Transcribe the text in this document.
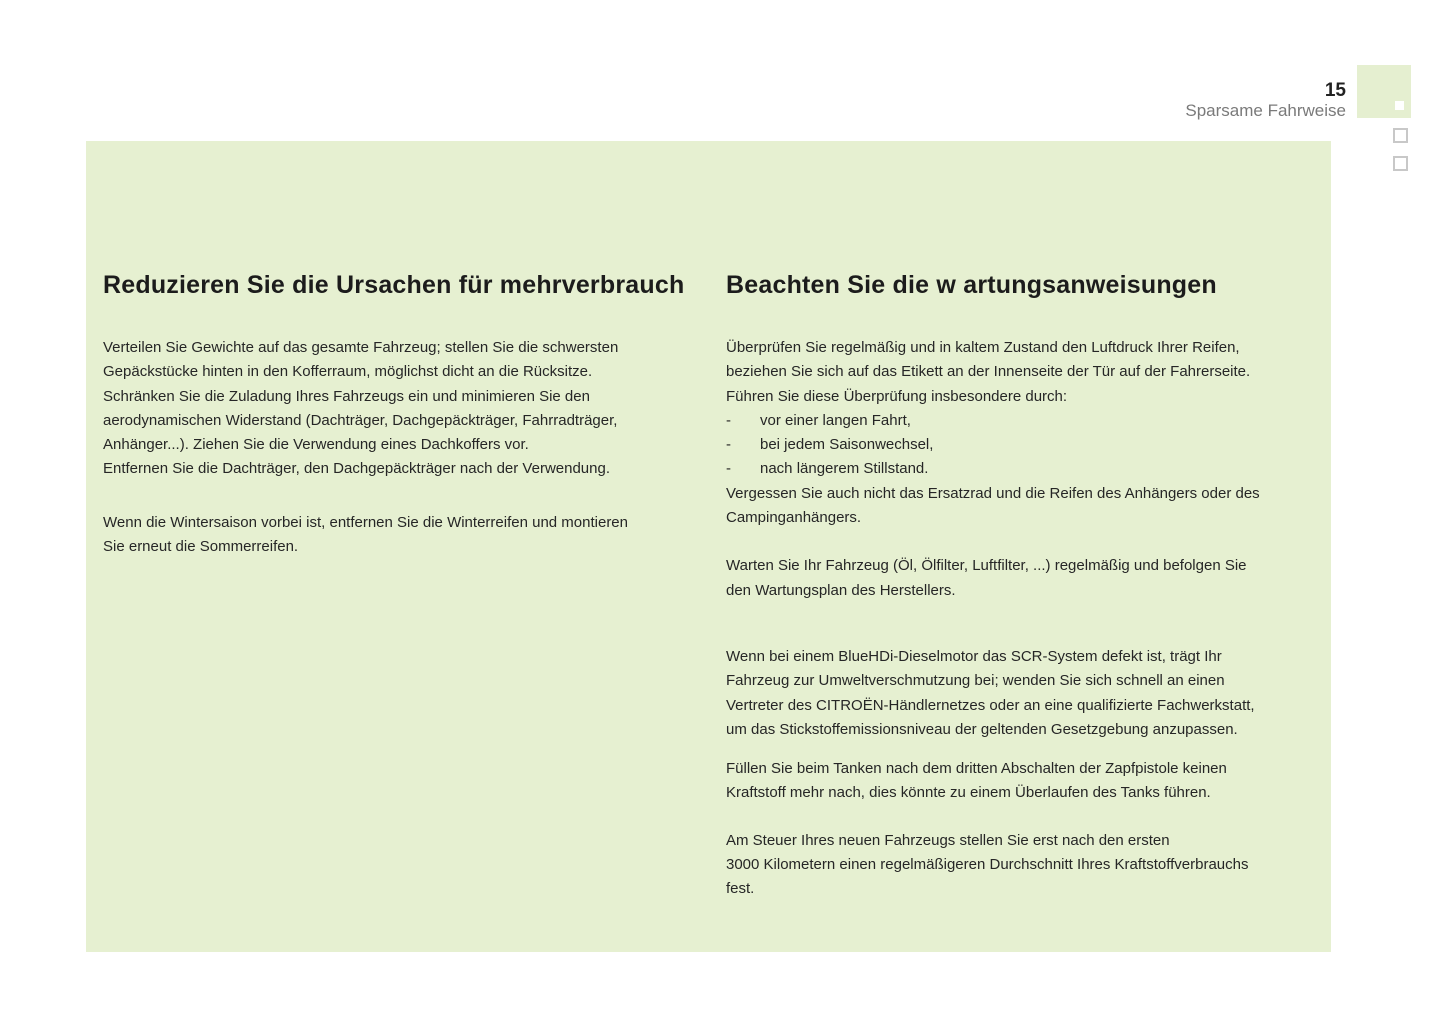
15
Sparsame Fahrweise
Reduzieren Sie die Ursachen für mehrverbrauch

Verteilen Sie Gewichte auf das gesamte Fahrzeug; stellen Sie die schwersten
Gepäckstücke hinten in den Kofferraum, möglichst dicht an die Rücksitze.
Schränken Sie die Zuladung Ihres Fahrzeugs ein und minimieren Sie den
aerodynamischen Widerstand (Dachträger, Dachgepäckträger, Fahrradträger,
Anhänger...). Ziehen Sie die Verwendung eines Dachkoffers vor.
Entfernen Sie die Dachträger, den Dachgepäckträger nach der Verwendung.

Wenn die Wintersaison vorbei ist, entfernen Sie die Winterreifen und montieren
Sie erneut die Sommerreifen.

Beachten Sie die w artungsanweisungen

Überprüfen Sie regelmäßig und in kaltem Zustand den Luftdruck Ihrer Reifen,
beziehen Sie sich auf das Etikett an der Innenseite der Tür auf der Fahrerseite.
Führen Sie diese Überprüfung insbesondere durch:

-	vor einer langen Fahrt,
-	bei jedem Saisonwechsel,
-	nach längerem Stillstand.

Vergessen Sie auch nicht das Ersatzrad und die Reifen des Anhängers oder des
Campinganhängers.

Warten Sie Ihr Fahrzeug (Öl, Ölfilter, Luftfilter, ...) regelmäßig und befolgen Sie
den Wartungsplan des Herstellers.

Wenn bei einem BlueHDi-Dieselmotor das SCR-System defekt ist, trägt Ihr
Fahrzeug zur Umweltverschmutzung bei; wenden Sie sich schnell an einen
Vertreter des CITROËN-Händlernetzes oder an eine qualifizierte Fachwerkstatt,
um das Stickstoffemissionsniveau der geltenden Gesetzgebung anzupassen.

Füllen Sie beim Tanken nach dem dritten Abschalten der Zapfpistole keinen
Kraftstoff mehr nach, dies könnte zu einem Überlaufen des Tanks führen.

Am Steuer Ihres neuen Fahrzeugs stellen Sie erst nach den ersten
3000 Kilometern einen regelmäßigeren Durchschnitt Ihres Kraftstoffverbrauchs
fest.
